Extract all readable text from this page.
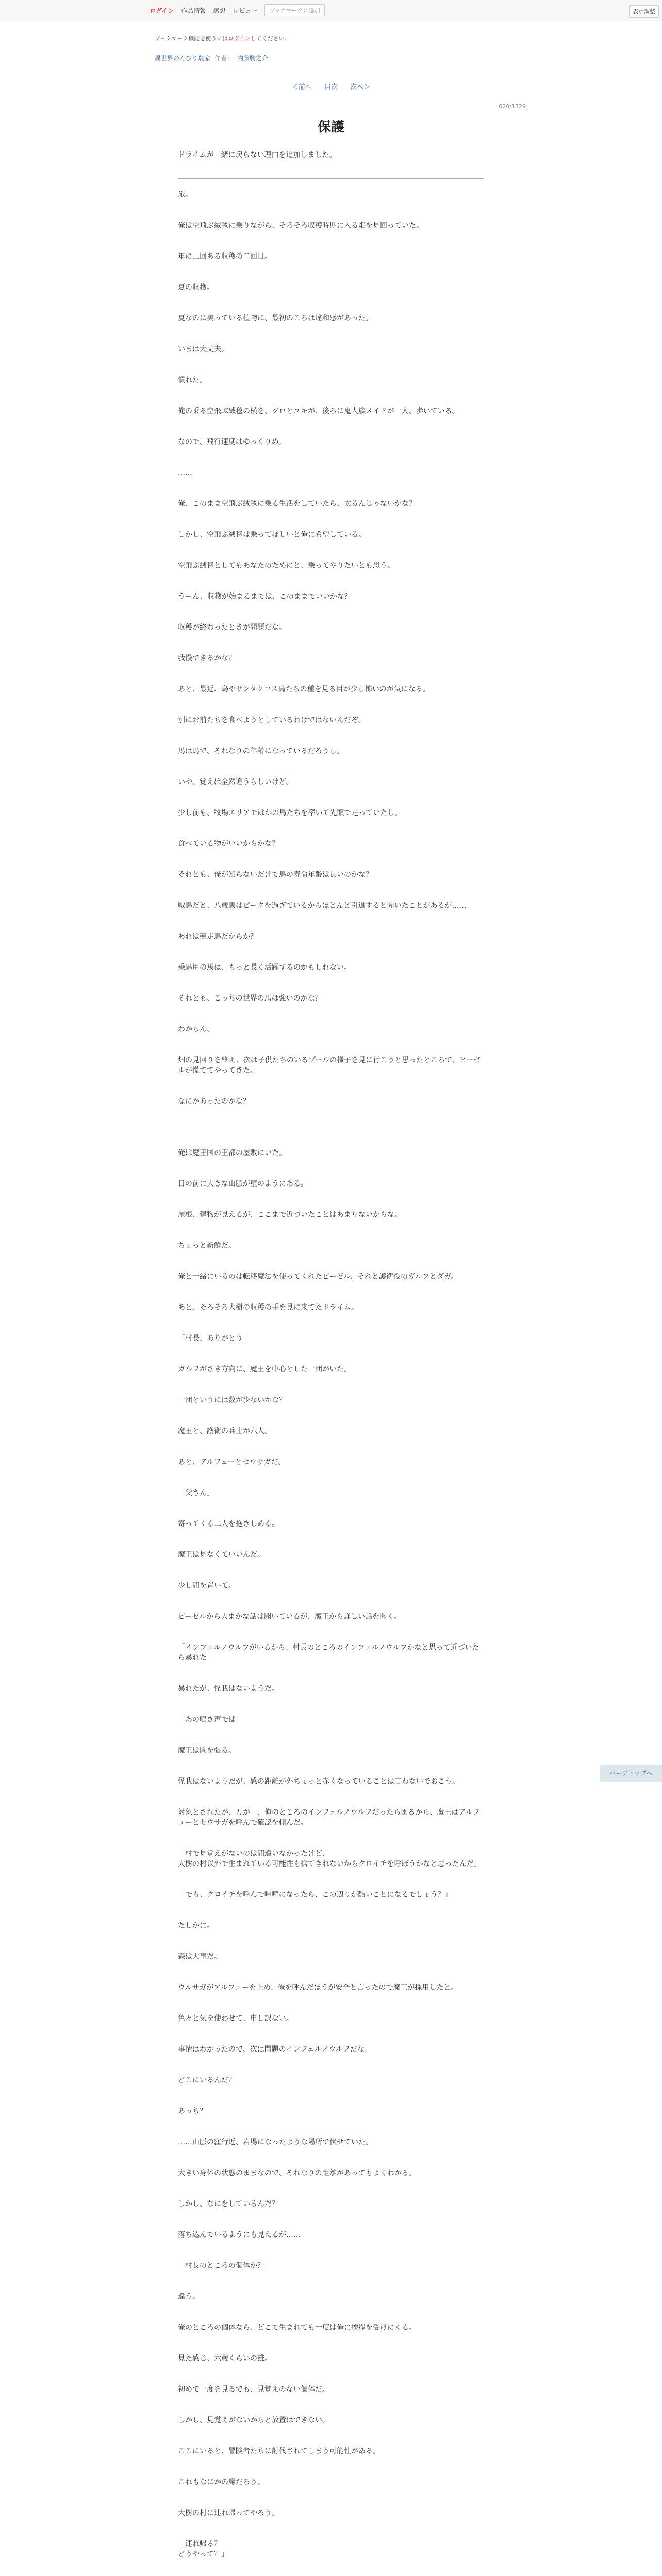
ログイン 作品情報 感想 レビュー	ブックマークに追加	表示調整
ブックマーク機能を使うにはログインしてください。
異世界のんびり農家 作者： 内藤騎之介
＜前へ 目次 次へ＞
620/1329
保護
ドライムが一緒に戻らない理由を追加しました。

旅。

俺は空飛ぶ絨毯に乗りながら、そろそろ収穫時期に入る畑を見回っていた。

年に三回ある収穫の二回目。

夏の収穫。

夏なのに実っている植物に、最初のころは違和感があった。

いまは大丈夫。

慣れた。

俺の乗る空飛ぶ絨毯の横を、グロとユキが、後ろに鬼人族メイドが一人、歩いている。

なので、飛行速度はゆっくりめ。

……

俺、このまま空飛ぶ絨毯に乗る生活をしていたら、太るんじゃないかな？

しかし、空飛ぶ絨毯は乗ってほしいと俺に希望している。

空飛ぶ絨毯としてもあなたのためにと、乗ってやりたいとも思う。

うーん、収穫が始まるまでは、このままでいいかな？

収穫が終わったときが問題だな。

我慢できるかな？

あと、最近、鳥やサンタクロス鳥たちの種を見る目が少し怖いのが気になる。

別にお前たちを食べようとしているわけではないんだぞ。

馬は馬で、それなりの年齢になっているだろうし。

いや、覚えは全然違うらしいけど。

少し前も、牧場エリアではかの馬たちを率いて先頭で走っていたし。

食べている物がいいからかな？

それとも、俺が知らないだけで馬の寿命年齢は長いのかな？

戦馬だと、八歳馬はピークを過ぎているからほとんど引退すると聞いたことがあるが……

あれは競走馬だからか？

乗馬用の馬は、もっと長く活躍するのかもしれない。

それとも、こっちの世界の馬は強いのかな？

わからん。

畑の見回りを終え、次は子供たちのいるプールの様子を見に行こうと思ったところで、ビーゼルが慌ててやってきた。

なにかあったのかな？

俺は魔王国の王都の屋敷にいた。

目の前に大きな山脈が壁のようにある。

屋根、建物が見えるが、ここまで近づいたことはあまりないからな。

ちょっと新鮮だ。

俺と一緒にいるのは転移魔法を使ってくれたビーゼル、それと護衛役のガルフとダガ。

あと、そろそろ大樹の収穫の手を見に来てたドライム。

「村長、ありがとう」

ガルフがさき方向に、魔王を中心とした一団がいた。

一団というには数が少ないかな？

魔王と、護衛の兵士が六人。

あと、アルフューとセウサガだ。

「父さん」

寄ってくる二人を抱きしめる。

魔王は見なくていいんだ。

少し間を置いて。

ビーゼルから大まかな話は聞いているが、魔王から詳しい話を聞く。

「インフェルノウルフがいるから、村長のところのインフェルノウルフかなと思って近づいたら暴れた」

暴れたが、怪我はないようだ。

「あの鳴き声では」

魔王は胸を張る。

怪我はないようだが、感の距離が外ちょっと赤くなっていることは言わないでおこう。

対象とされたが、万が一、俺のところのインフェルノウルフだったら困るから、魔王はアルフューとセウサガを呼んで確認を頼んだ。

「村で見覚えがないのは間違いなかったけど、
大樹の村以外で生まれている可能性も捨てきれないからクロイチを呼ぼうかなと思ったんだ」

「でも、クロイチを呼んで喧嘩になったら、この辺りが酷いことになるでしょう？」

たしかに。

森は大事だ。

ウルサガがアルフューを止め、俺を呼んだほうが安全と言ったので魔王が採用したと。

色々と気を使わせて、申し訳ない。

事情はわかったので、次は問題のインフェルノウルフだな。

どこにいるんだ？

あっち？

……山脈の窪行近、岩場になったような場所で伏せていた。

大きい身体の状態のままなので、それなりの距離があってもよくわかる。

しかし、なにをしているんだ？

落ち込んでいるようにも見えるが……

「村長のところの個体か？」

違う。

俺のところの個体なら、どこで生まれても一度は俺に挨拶を受けにくる。

見た感じ、六歳くらいの雄。

初めて一度を見るでも、見覚えのない個体だ。

しかし、見覚えがないからと放置はできない。

ここにいると、冒険者たちに討伐されてしまう可能性がある。

これもなにかの縁だろう。

大樹の村に連れ帰ってやろう。

「連れ帰る？
どうやって？」

ページトップへ
